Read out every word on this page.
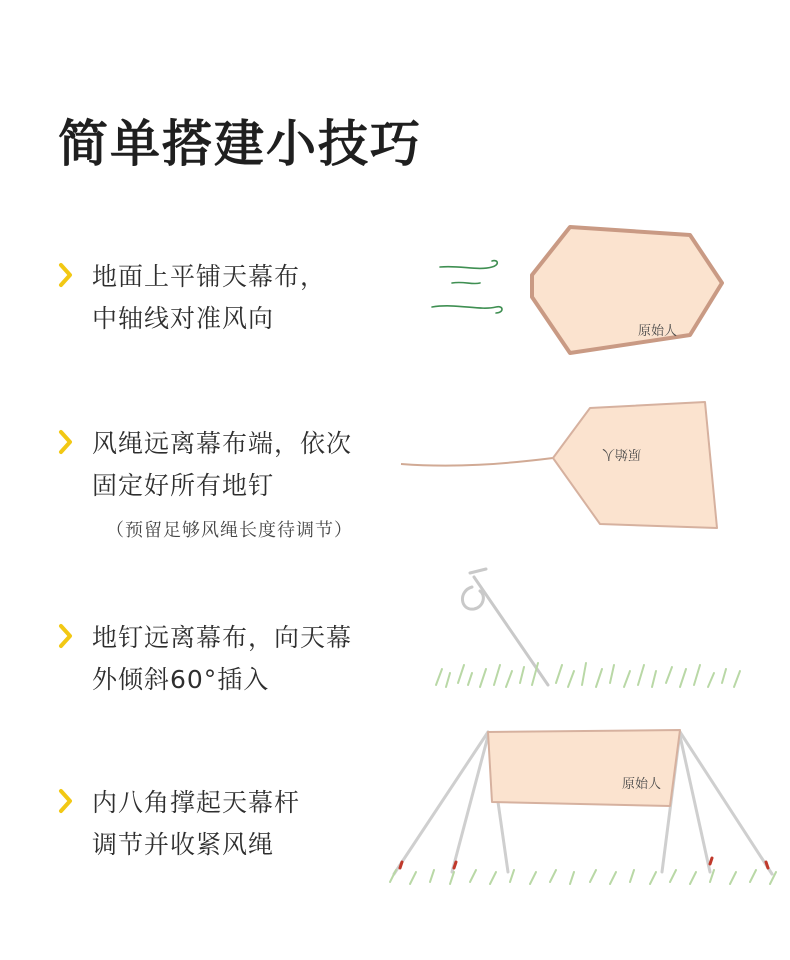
简单搭建小技巧
地面上平铺天幕布，
中轴线对准风向
风绳远离幕布端，依次
固定好所有地钉
（预留足够风绳长度待调节）
地钉远离幕布，向天幕
外倾斜60°插入
内八角撑起天幕杆
调节并收紧风绳
原始人
原始人
原始人
